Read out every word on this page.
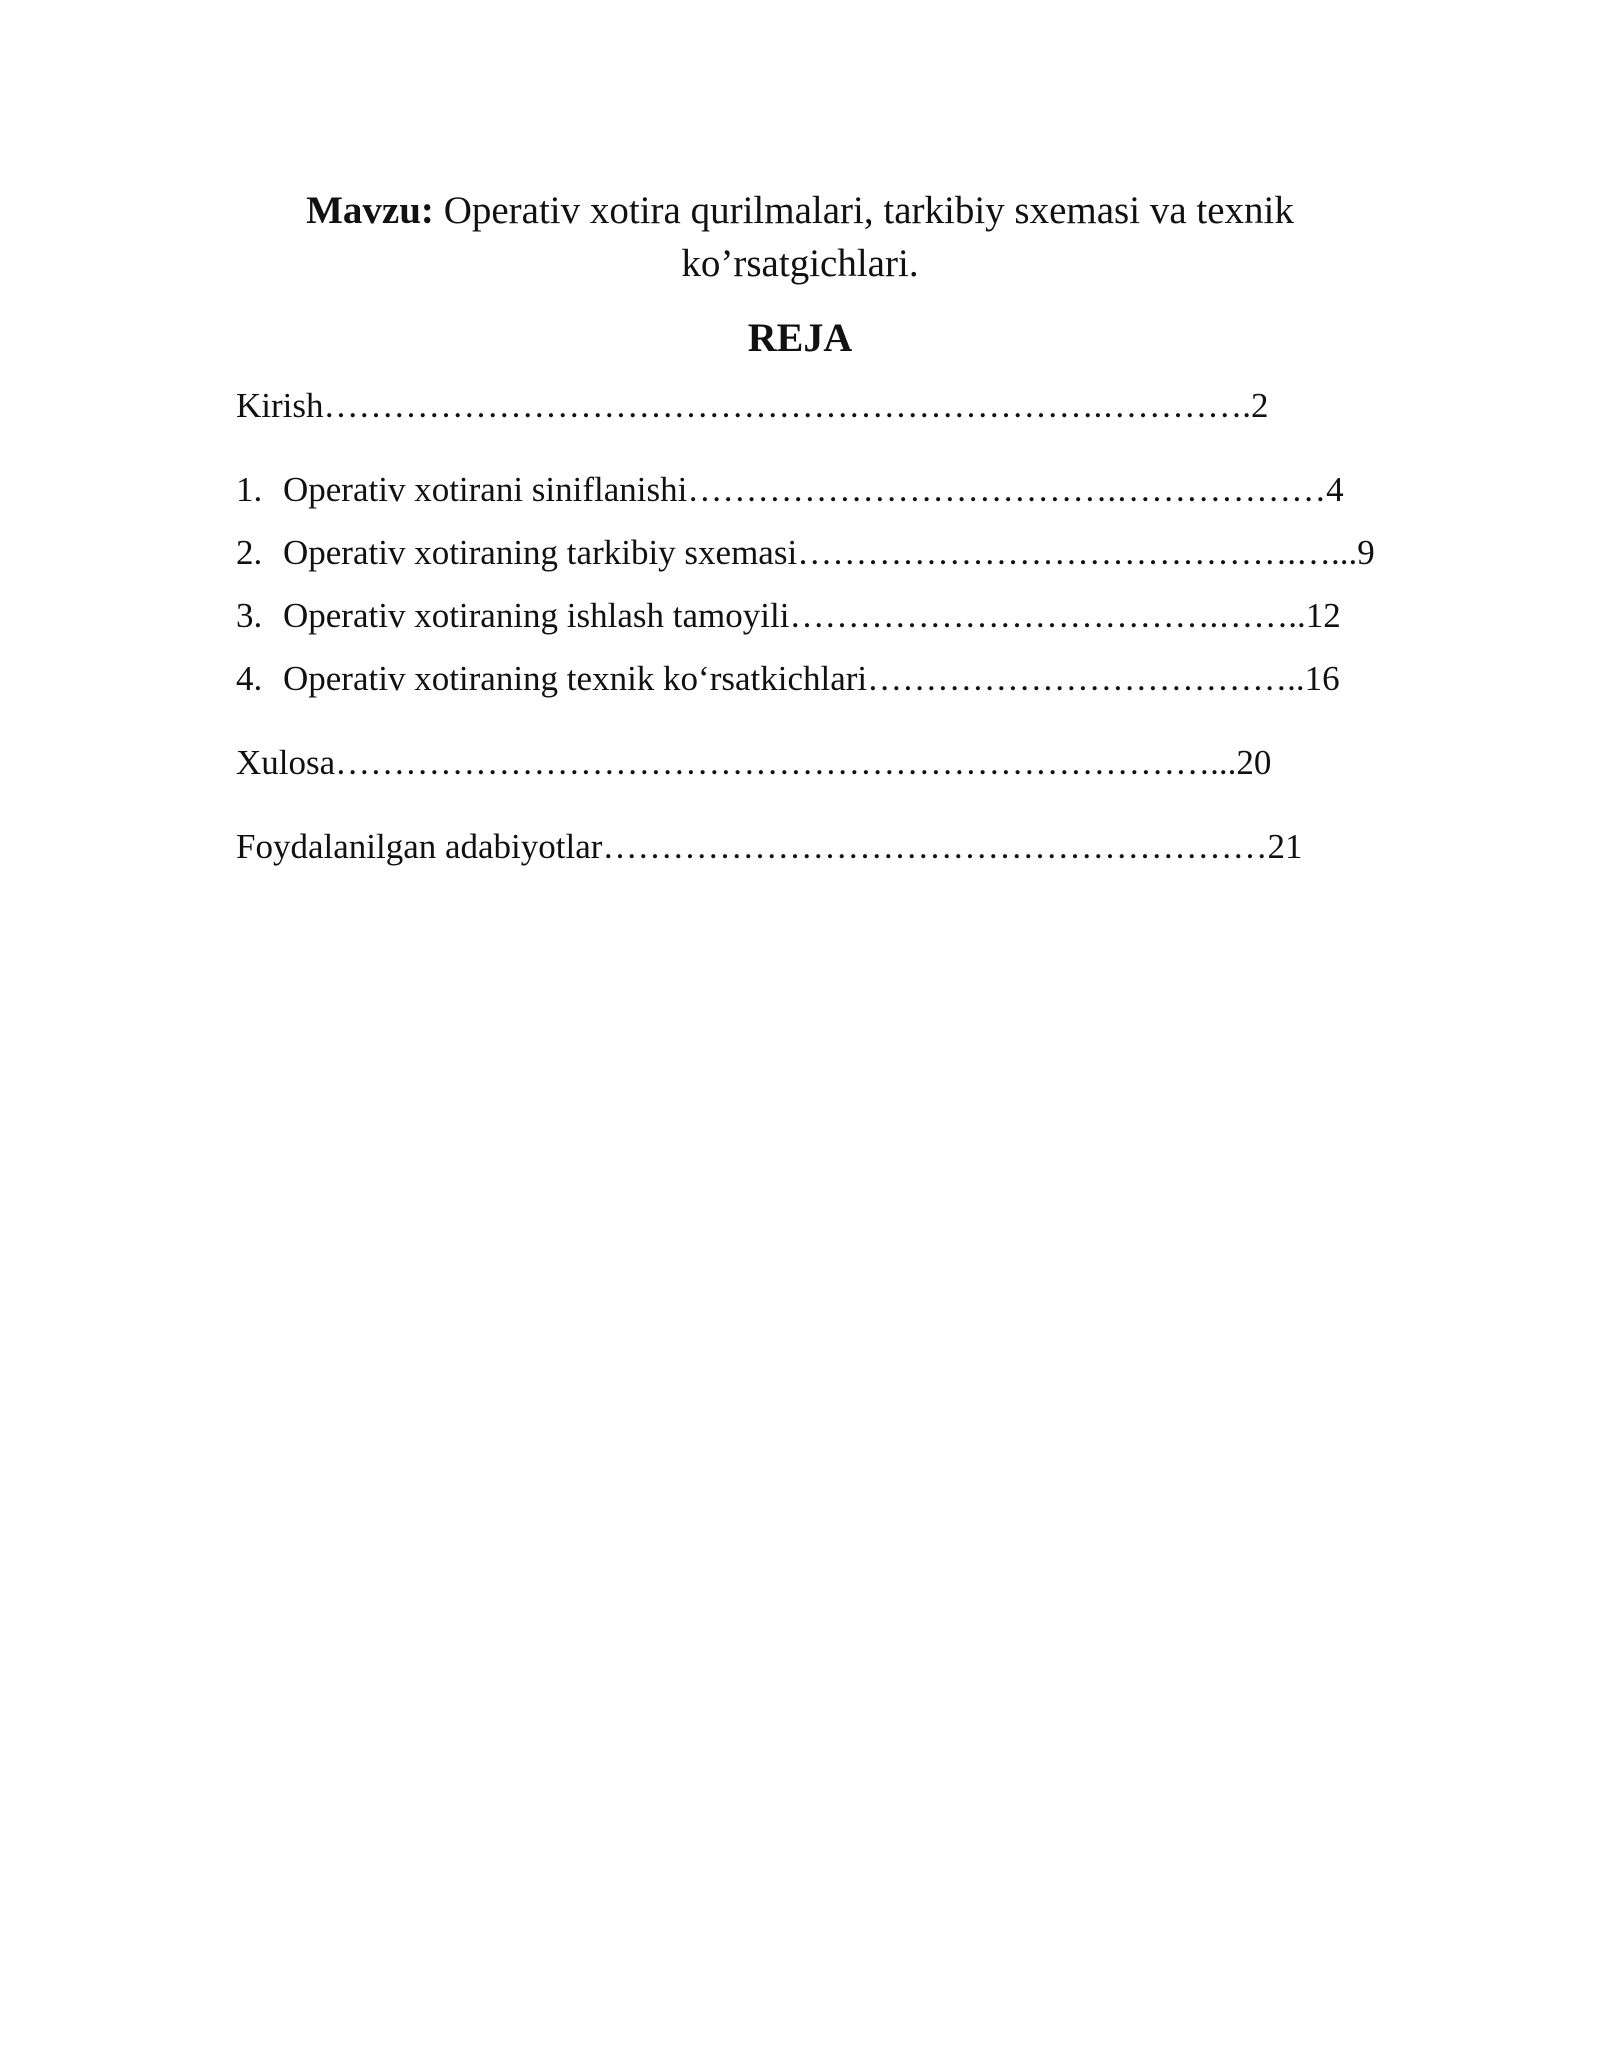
Mavzu: Operativ xotira qurilmalari, tarkibiy sxemasi va texnik ko’rsatgichlari.
REJA
Kirish………………………………………………………….………….2
1. Operativ xotirani siniflanishi……………………………….………………4
2. Operativ xotiraning tarkibiy sxemasi…………………………………….…...9
3. Operativ xotiraning ishlash tamoyili……………………………….……..12
4. Operativ xotiraning texnik ko‘rsatkichlari………………………………..16
Xulosa…………………………………………………………………...20
Foydalanilgan adabiyotlar…………………………………………………21
